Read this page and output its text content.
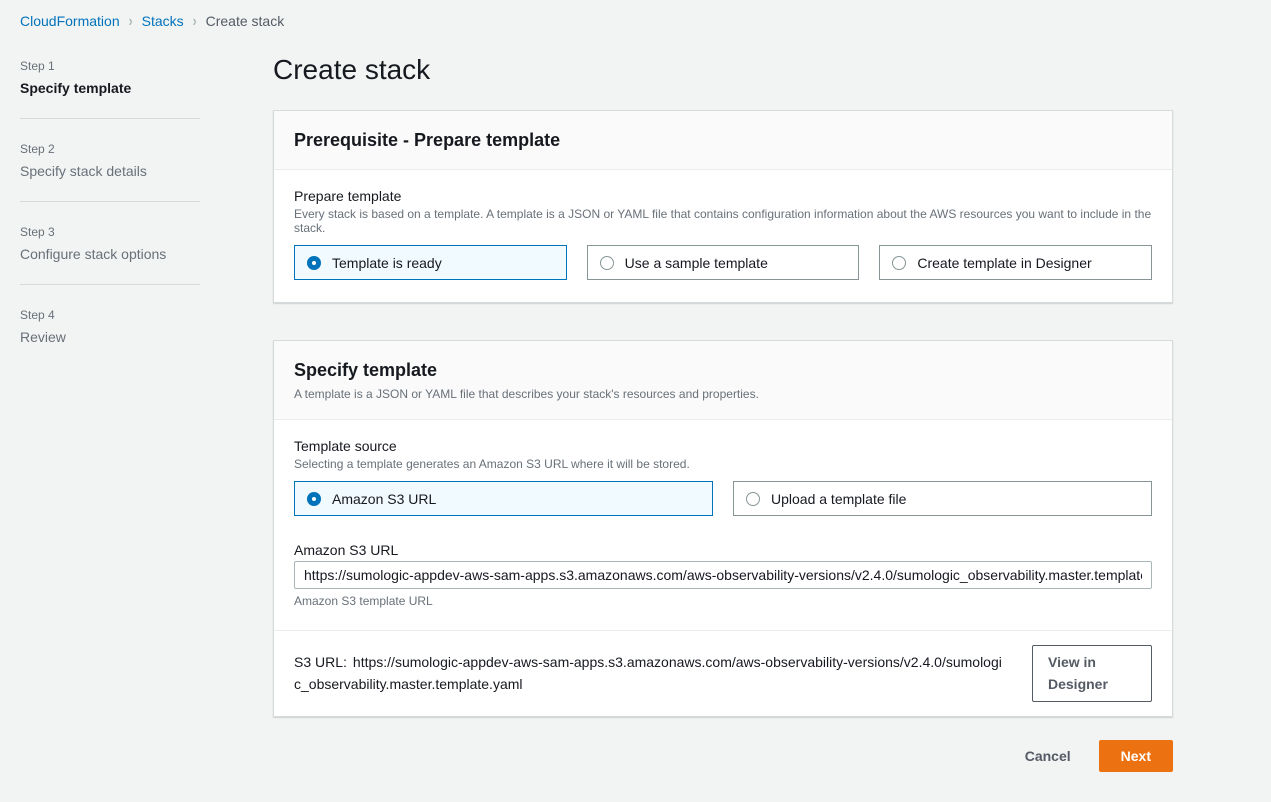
CloudFormation › Stacks › Create stack
Step 1
Specify template
Step 2
Specify stack details
Step 3
Configure stack options
Step 4
Review
Create stack
Prerequisite - Prepare template
Prepare template
Every stack is based on a template. A template is a JSON or YAML file that contains configuration information about the AWS resources you want to include in the stack.
Template is ready	Use a sample template	Create template in Designer
Specify template
A template is a JSON or YAML file that describes your stack's resources and properties.
Template source
Selecting a template generates an Amazon S3 URL where it will be stored.
Amazon S3 URL	Upload a template file
Amazon S3 URL
https://sumologic-appdev-aws-sam-apps.s3.amazonaws.com/aws-observability-versions/v2.4.0/sumologic_observability.master.template.yaml
Amazon S3 template URL
S3 URL: https://sumologic-appdev-aws-sam-apps.s3.amazonaws.com/aws-observability-versions/v2.4.0/sumologic_observability.master.template.yaml
View in Designer
Cancel	Next
